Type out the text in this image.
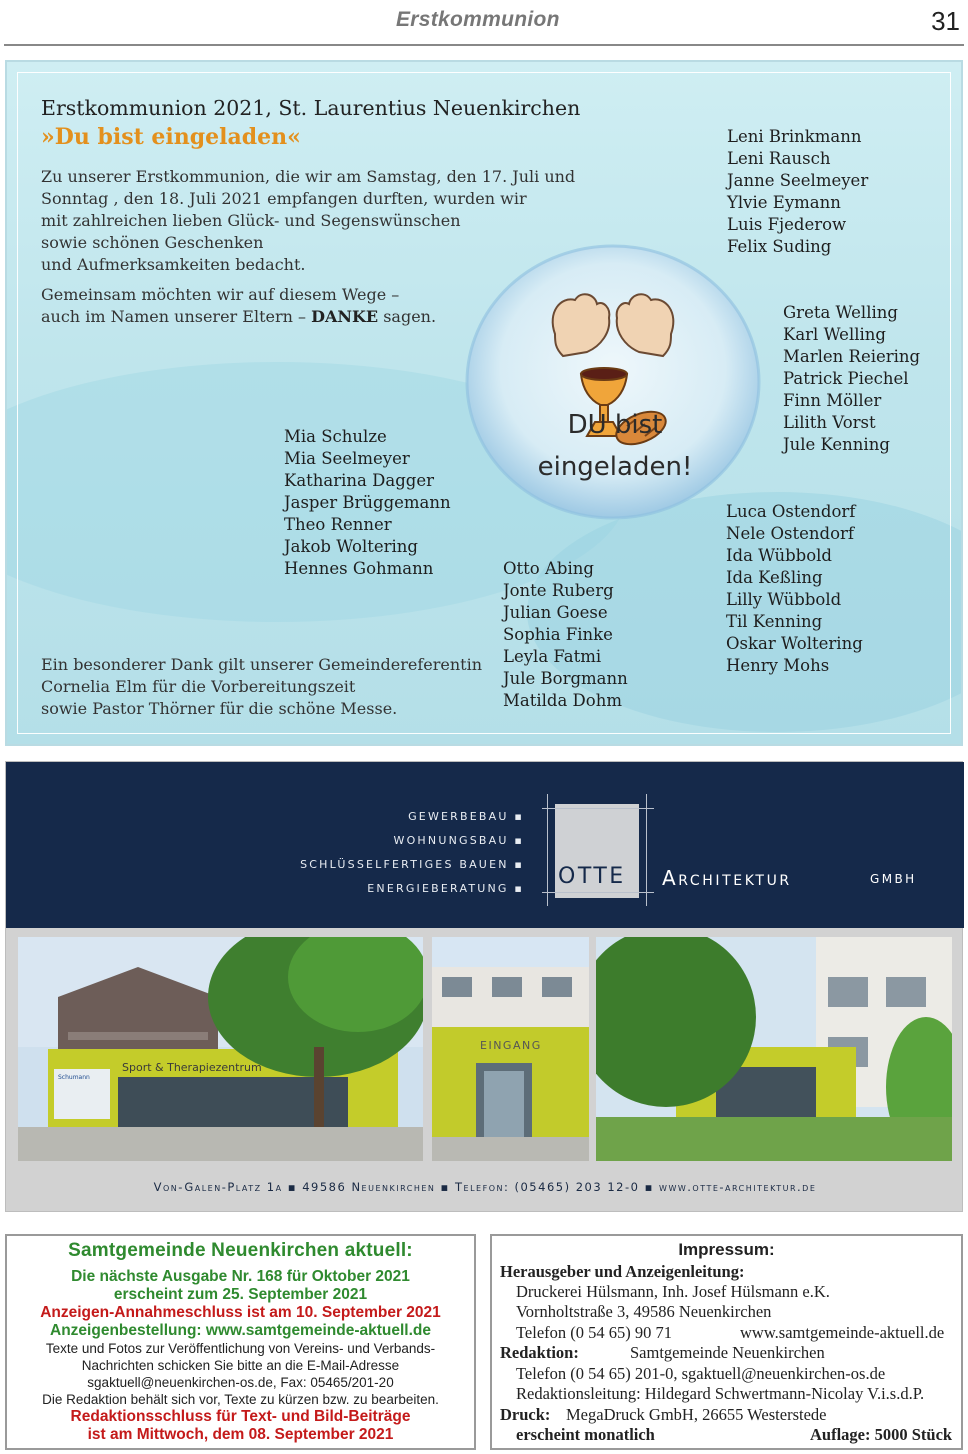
Erstkommunion	31
Erstkommunion 2021, St. Laurentius Neuenkirchen
»Du bist eingeladen«
Zu unserer Erstkommunion, die wir am Samstag, den 17. Juli und
Sonntag , den 18. Juli 2021 empfangen durften, wurden wir
mit zahlreichen lieben Glück- und Segenswünschen
sowie schönen Geschenken
und Aufmerksamkeiten bedacht.
Gemeinsam möchten wir auf diesem Wege –
auch im Namen unserer Eltern – DANKE sagen.
Ein besonderer Dank gilt unserer Gemeindereferentin
Cornelia Elm für die Vorbereitungszeit
sowie Pastor Thörner für die schöne Messe.
DU bist
eingeladen!
Leni Brinkmann
Leni Rausch
Janne Seelmeyer
Ylvie Eymann
Luis Fjederow
Felix Suding
Greta Welling
Karl Welling
Marlen Reiering
Patrick Piechel
Finn Möller
Lilith Vorst
Jule Kenning
Mia Schulze
Mia Seelmeyer
Katharina Dagger
Jasper Brüggemann
Theo Renner
Jakob Woltering
Hennes Gohmann	Otto Abing
Jonte Ruberg
Julian Goese
Sophia Finke
Leyla Fatmi
Jule Borgmann
Matilda Dohm
Luca Ostendorf
Nele Ostendorf
Ida Wübbold
Ida Keßling
Lilly Wübbold
Til Kenning
Oskar Woltering
Henry Mohs
GEWERBEBAU ▪
WOHNUNGSBAU ▪
SCHLÜSSELFERTIGES BAUEN ▪
ENERGIEBERATUNG ▪ OTTE Architektur	GMBH
Sport & Therapiezentrum
Schumann
EINGANG
Von-Galen-Platz 1a ▪ 49586 Neuenkirchen ▪ Telefon: (05465) 203 12-0 ▪ www.otte-architektur.de
Samtgemeinde Neuenkirchen aktuell:
Die nächste Ausgabe Nr. 168 für Oktober 2021
erscheint zum 25. September 2021
Anzeigen-Annahmeschluss ist am 10. September 2021
Anzeigenbestellung: www.samtgemeinde-aktuell.de
Texte und Fotos zur Veröffentlichung von Vereins- und Verbands-
Nachrichten schicken Sie bitte an die E-Mail-Adresse
sgaktuell@neuenkirchen-os.de, Fax: 05465/201-20
Die Redaktion behält sich vor, Texte zu kürzen bzw. zu bearbeiten.
Redaktionsschluss für Text- und Bild-Beiträge
ist am Mittwoch, dem 08. September 2021
Impressum:
Herausgeber und Anzeigenleitung:
Druckerei Hülsmann, Inh. Josef Hülsmann e.K.
Vornholtstraße 3, 49586 Neuenkirchen
Telefon (0 54 65) 90 71	www.samtgemeinde-aktuell.de
Redaktion:	Samtgemeinde Neuenkirchen
Telefon (0 54 65) 201-0, sgaktuell@neuenkirchen-os.de
Redaktionsleitung: Hildegard Schwertmann-Nicolay V.i.s.d.P.
Druck: MegaDruck GmbH, 26655 Westerstede
erscheint monatlich	Auflage: 5000 Stück
